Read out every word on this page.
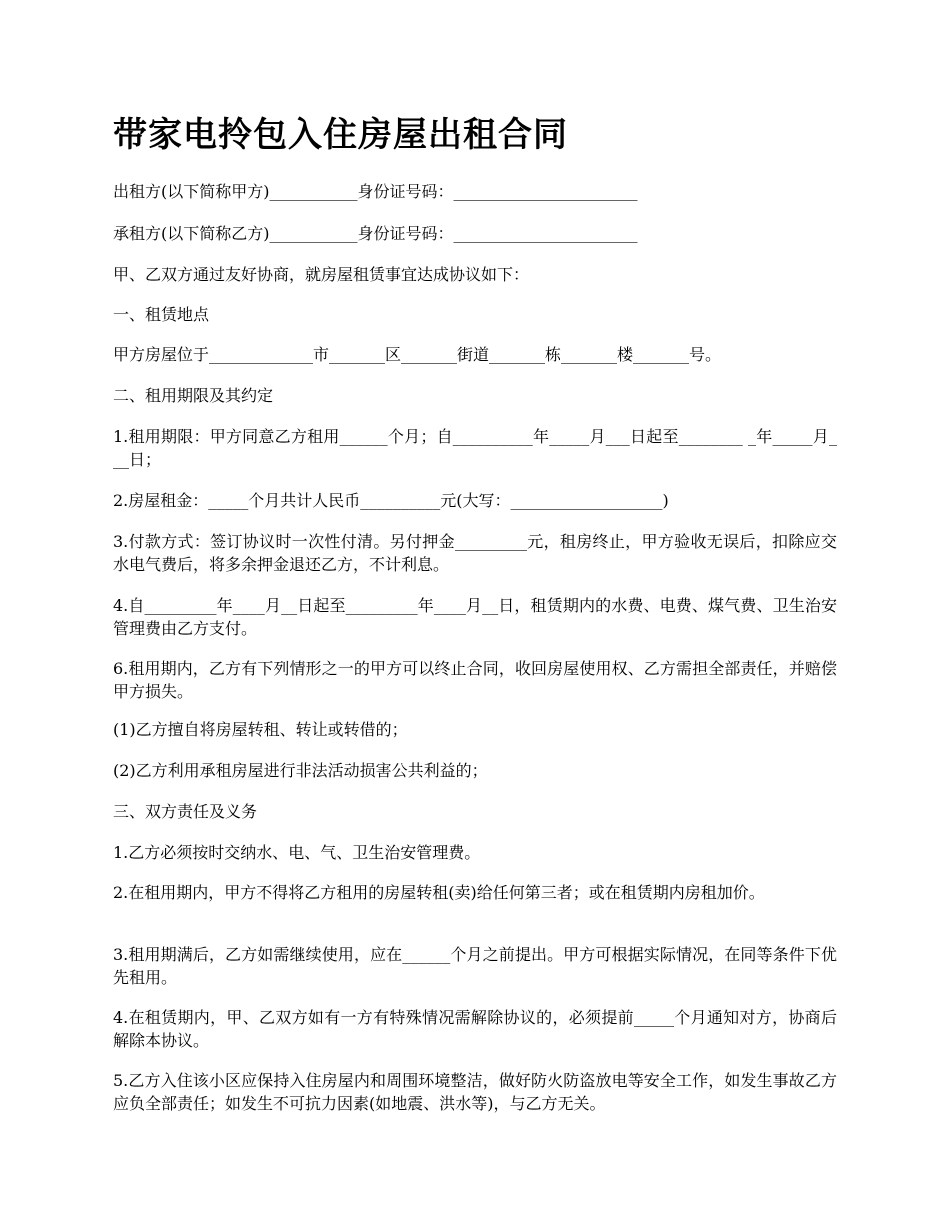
带家电拎包入住房屋出租合同

出租方(以下简称甲方)___________身份证号码：_______________________

承租方(以下简称乙方)___________身份证号码：_______________________

甲、乙双方通过友好协商，就房屋租赁事宜达成协议如下：

一、租赁地点

甲方房屋位于_____________市_______区_______街道_______栋_______楼_______号。

二、租用期限及其约定

1.租用期限：甲方同意乙方租用______个月；自__________年_____月___日起至________ _年_____月___日；

2.房屋租金：_____个月共计人民币__________元(大写：___________________)

3.付款方式：签订协议时一次性付清。另付押金_________元，租房终止，甲方验收无误后，扣除应交水电气费后，将多余押金退还乙方，不计利息。

4.自_________年____月__日起至_________年____月__日，租赁期内的水费、电费、煤气费、卫生治安管理费由乙方支付。

6.租用期内，乙方有下列情形之一的甲方可以终止合同，收回房屋使用权、乙方需担全部责任，并赔偿甲方损失。

(1)乙方擅自将房屋转租、转让或转借的；

(2)乙方利用承租房屋进行非法活动损害公共利益的；

三、双方责任及义务

1.乙方必须按时交纳水、电、气、卫生治安管理费。

2.在租用期内，甲方不得将乙方租用的房屋转租(卖)给任何第三者；或在租赁期内房租加价。

3.租用期满后，乙方如需继续使用，应在______个月之前提出。甲方可根据实际情况，在同等条件下优先租用。

4.在租赁期内，甲、乙双方如有一方有特殊情况需解除协议的，必须提前_____个月通知对方，协商后解除本协议。

5.乙方入住该小区应保持入住房屋内和周围环境整洁，做好防火防盗放电等安全工作，如发生事故乙方应负全部责任；如发生不可抗力因素(如地震、洪水等)，与乙方无关。
